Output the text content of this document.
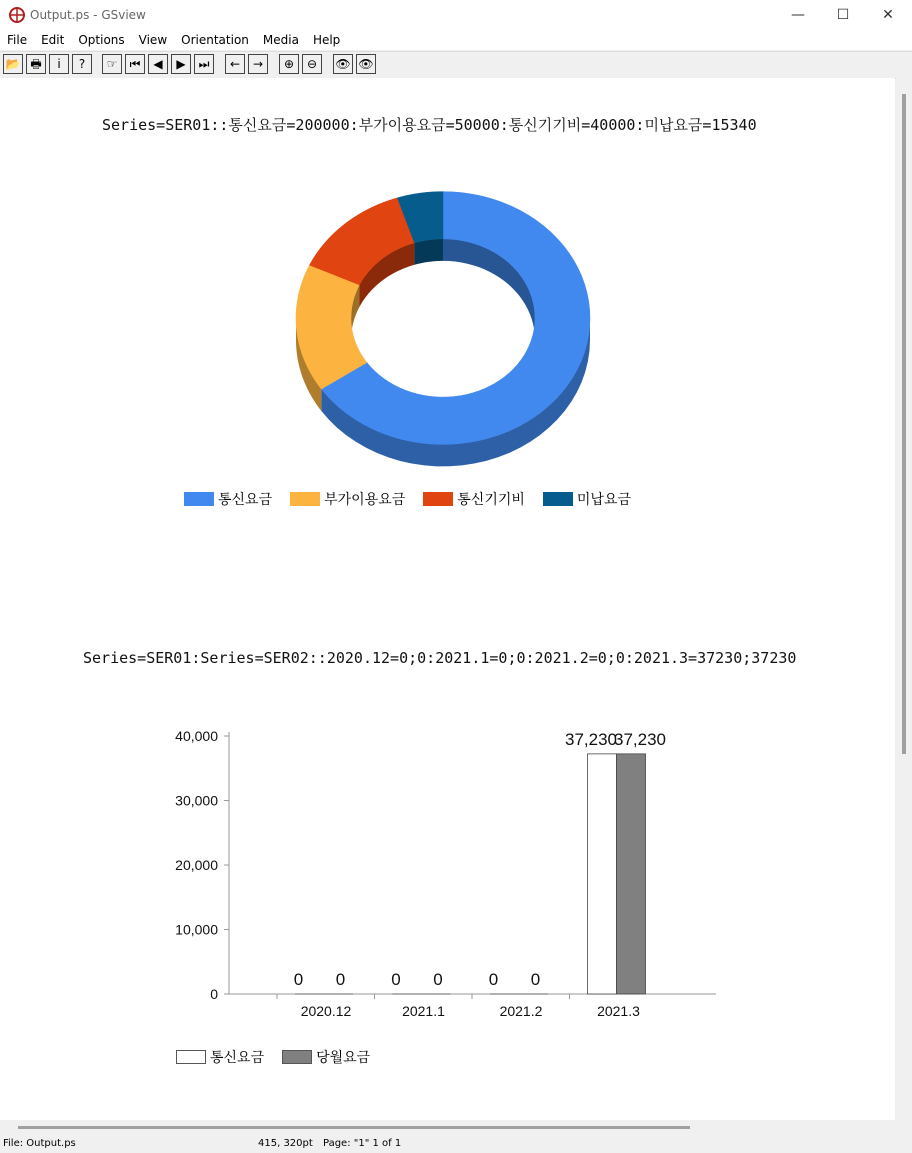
Output.ps - GSview	—	☐	✕
File	Edit	Options	View	Orientation	Media	Help
📂 🖶	i	?	☞	⏮	◀	▶	⏭	←	→	⊕	⊖	👁 👁
Series=SER01::통신요금=200000:부가이용요금=50000:통신기기비=40000:미납요금=15340
통신요금	부가이용요금	통신기기비	미납요금
Series=SER01:Series=SER02::2020.12=0;0:2021.1=0;0:2021.2=0;0:2021.3=37230;37230
0
10,000
20,000
30,000
40,000
2020.12
0 0
2021.1
0 0
2021.2
0 0
2021.3
37,230
37,230
통신요금	당월요금
File: Output.ps	415, 320pt Page: "1" 1 of 1
